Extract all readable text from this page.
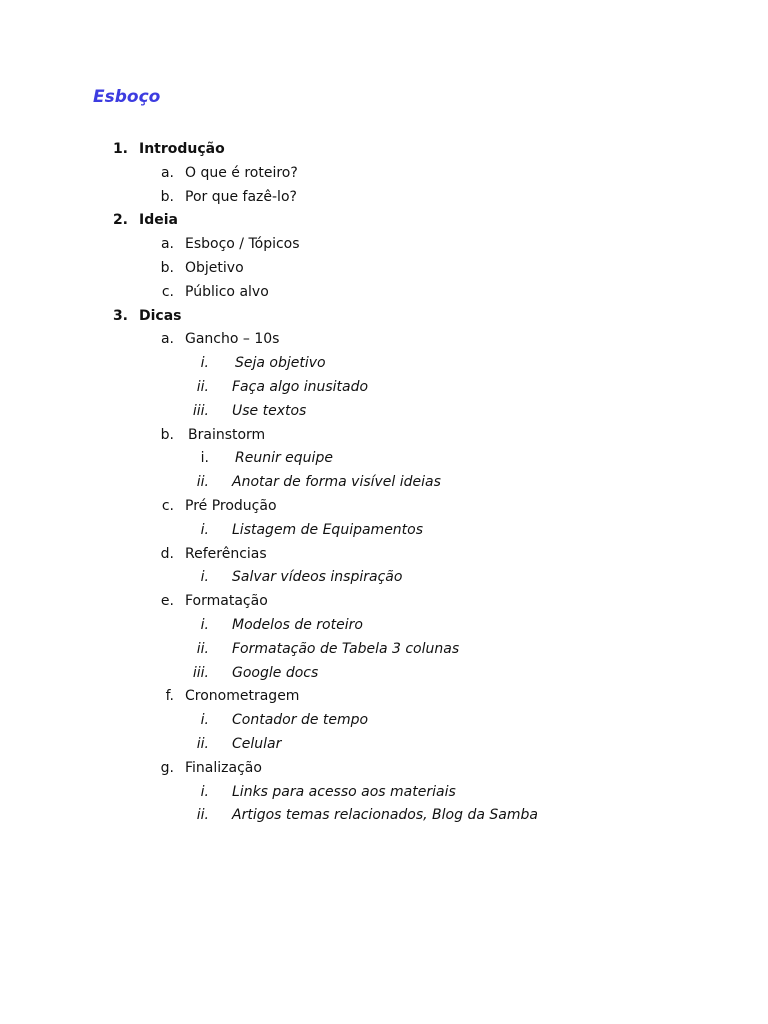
Esboço
1. Introdução
a. O que é roteiro?
b. Por que fazê-lo?
2. Ideia
a. Esboço / Tópicos
b. Objetivo
c. Público alvo
3. Dicas
a. Gancho – 10s
i. Seja objetivo
ii. Faça algo inusitado
iii. Use textos
b. Brainstorm
i. Reunir equipe
ii. Anotar de forma visível ideias
c. Pré Produção
i. Listagem de Equipamentos
d. Referências
i. Salvar vídeos inspiração
e. Formatação
i. Modelos de roteiro
ii. Formatação de Tabela 3 colunas
iii. Google docs
f. Cronometragem
i. Contador de tempo
ii. Celular
g. Finalização
i. Links para acesso aos materiais
ii. Artigos temas relacionados, Blog da Samba
